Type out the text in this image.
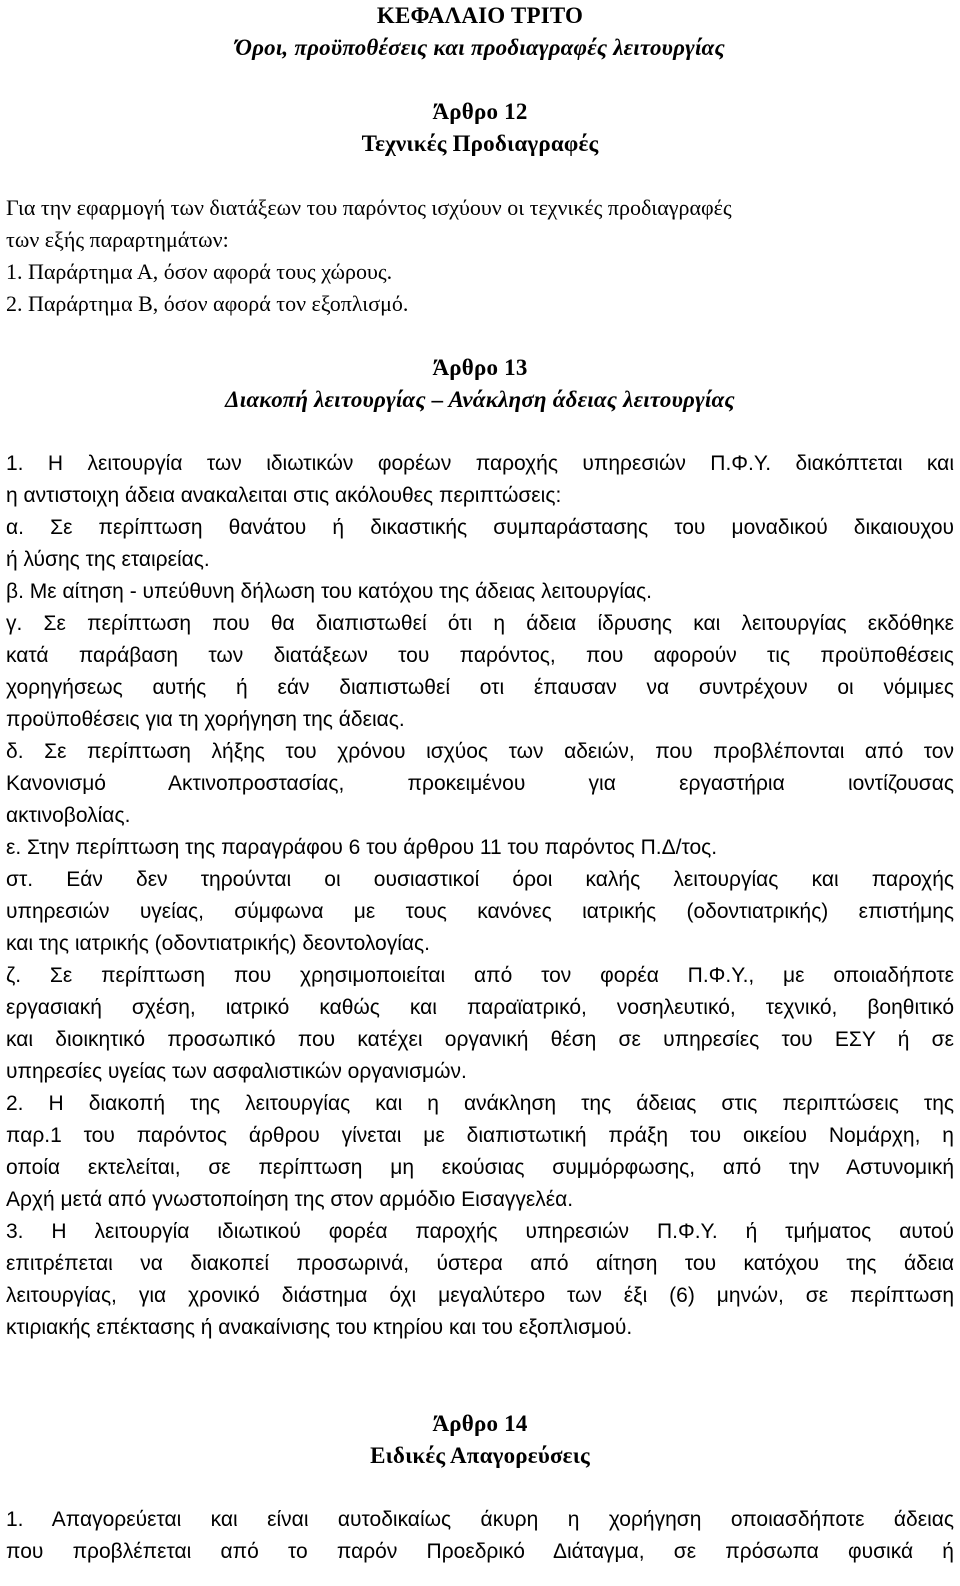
ΚΕΦΑΛΑΙΟ ΤΡΙΤΟ

Όροι, προϋποθέσεις και προδιαγραφές λειτουργίας

Άρθρο 12

Τεχνικές Προδιαγραφές

Για την εφαρμογή των διατάξεων του παρόντος ισχύουν οι τεχνικές προδιαγραφές

των εξής παραρτημάτων:

1. Παράρτημα Α, όσον αφορά τους χώρους.

2. Παράρτημα Β, όσον αφορά τον εξοπλισμό.

Άρθρο 13

Διακοπή λειτουργίας – Ανάκληση άδειας λειτουργίας

1. Η λειτουργία των ιδιωτικών φορέων παροχής υπηρεσιών Π.Φ.Υ. διακόπτεται και

η αντιστοιχη άδεια ανακαλειται στις ακόλουθες περιπτώσεις:

α. Σε περίπτωση θανάτου ή δικαστικής συμπαράστασης του μοναδικού δικαιουχου

ή λύσης της εταιρείας.

β. Με αίτηση - υπεύθυνη δήλωση του κατόχου της άδειας λειτουργίας.

γ. Σε περίπτωση που θα διαπιστωθεί ότι η άδεια ίδρυσης και λειτουργίας εκδόθηκε

κατά παράβαση των διατάξεων του παρόντος, που αφορούν τις προϋποθέσεις

χορηγήσεως αυτής ή εάν διαπιστωθεί οτι έπαυσαν να συντρέχουν οι νόμιμες

προϋποθέσεις για τη χορήγηση της άδειας.

δ. Σε περίπτωση λήξης του χρόνου ισχύος των αδειών, που προβλέπονται από τον

Κανονισμό Ακτινοπροστασίας, προκειμένου για εργαστήρια ιοντίζουσας

ακτινοβολίας.

ε. Στην περίπτωση της παραγράφου 6 του άρθρου 11 του παρόντος Π.Δ/τος.

στ. Εάν δεν τηρούνται οι ουσιαστικοί όροι καλής λειτουργίας και παροχής

υπηρεσιών υγείας, σύμφωνα με τους κανόνες ιατρικής (οδοντιατρικής) επιστήμης

και της ιατρικής (οδοντιατρικής) δεοντολογίας.

ζ. Σε περίπτωση που χρησιμοποιείται από τον φορέα Π.Φ.Υ., με οποιαδήποτε

εργασιακή σχέση, ιατρικό καθώς και παραϊατρικό, νοσηλευτικό, τεχνικό, βοηθιτικό

και διοικητικό προσωπικό που κατέχει οργανική θέση σε υπηρεσίες του ΕΣΥ ή σε

υπηρεσίες υγείας των ασφαλιστικών οργανισμών.

2. Η διακοπή της λειτουργίας και η ανάκληση της άδειας στις περιπτώσεις της

παρ.1 του παρόντος άρθρου γίνεται με διαπιστωτική πράξη του οικείου Νομάρχη, η

οποία εκτελείται, σε περίπτωση μη εκούσιας συμμόρφωσης, από την Αστυνομική

Αρχή μετά από γνωστοποίηση της στον αρμόδιο Εισαγγελέα.

3. Η λειτουργία ιδιωτικού φορέα παροχής υπηρεσιών Π.Φ.Υ. ή τμήματος αυτού

επιτρέπεται να διακοπεί προσωρινά, ύστερα από αίτηση του κατόχου της άδεια

λειτουργίας, για χρονικό διάστημα όχι μεγαλύτερο των έξι (6) μηνών, σε περίπτωση

κτιριακής επέκτασης ή ανακαίνισης του κτηρίου και του εξοπλισμού.

Άρθρο 14

Ειδικές Απαγορεύσεις

1. Απαγορεύεται και είναι αυτοδικαίως άκυρη η χορήγηση οποιασδήποτε άδειας

που προβλέπεται από το παρόν Προεδρικό Διάταγμα, σε πρόσωπα φυσικά ή
